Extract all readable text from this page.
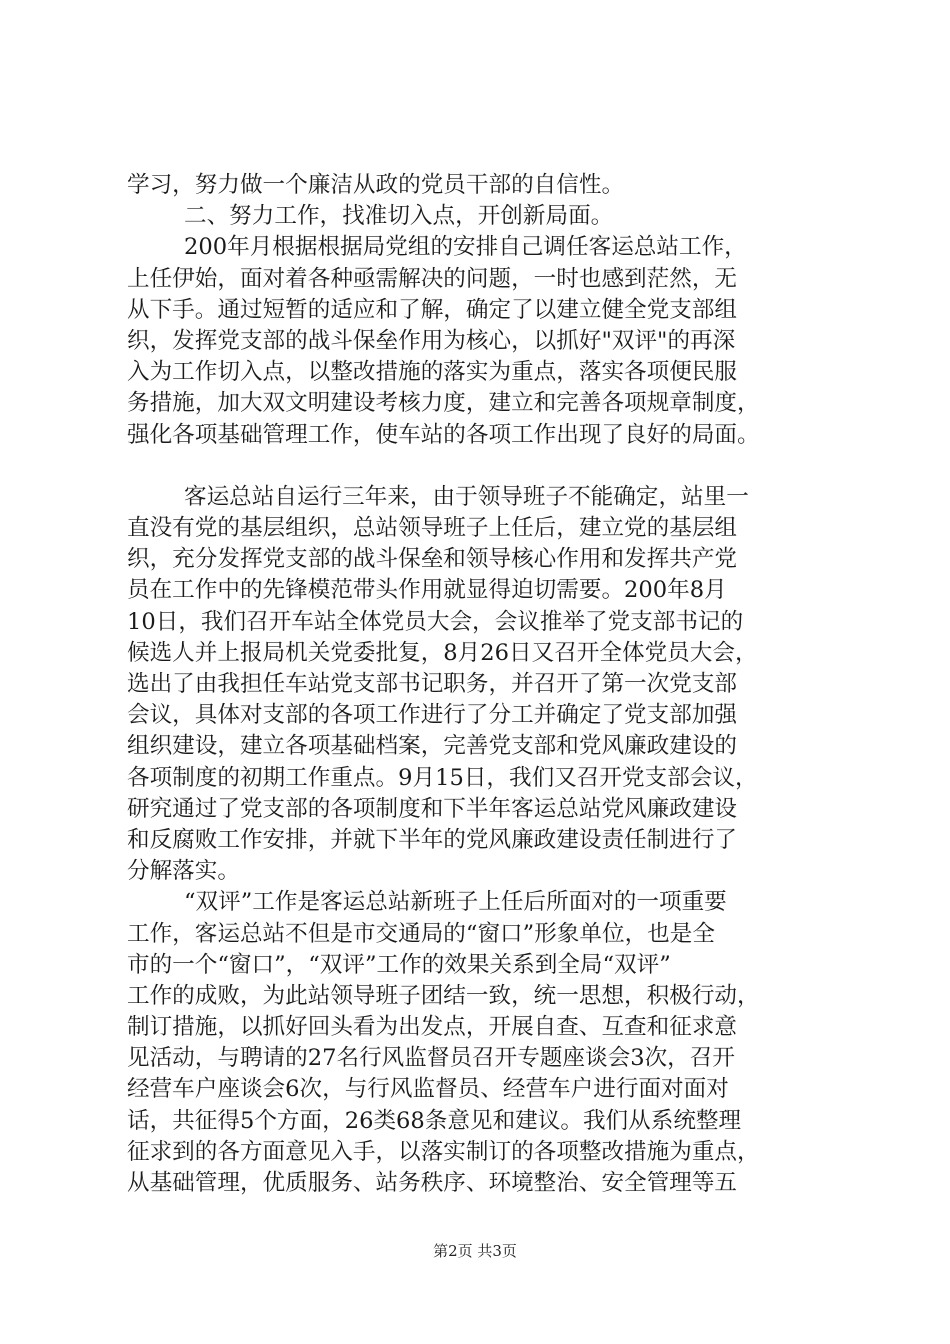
学习，努力做一个廉洁从政的党员干部的自信性。
二、努力工作，找准切入点，开创新局面。
200年月根据根据局党组的安排自己调任客运总站工作，
上任伊始，面对着各种亟需解决的问题，一时也感到茫然，无
从下手。通过短暂的适应和了解，确定了以建立健全党支部组
织，发挥党支部的战斗保垒作用为核心，以抓好"双评"的再深
入为工作切入点，以整改措施的落实为重点，落实各项便民服
务措施，加大双文明建设考核力度，建立和完善各项规章制度，
强化各项基础管理工作，使车站的各项工作出现了良好的局面。
客运总站自运行三年来，由于领导班子不能确定，站里一
直没有党的基层组织，总站领导班子上任后，建立党的基层组
织，充分发挥党支部的战斗保垒和领导核心作用和发挥共产党
员在工作中的先锋模范带头作用就显得迫切需要。200年8月
10日，我们召开车站全体党员大会，会议推举了党支部书记的
候选人并上报局机关党委批复，8月26日又召开全体党员大会，
选出了由我担任车站党支部书记职务，并召开了第一次党支部
会议，具体对支部的各项工作进行了分工并确定了党支部加强
组织建设，建立各项基础档案，完善党支部和党风廉政建设的
各项制度的初期工作重点。9月15日，我们又召开党支部会议，
研究通过了党支部的各项制度和下半年客运总站党风廉政建设
和反腐败工作安排，并就下半年的党风廉政建设责任制进行了
分解落实。
“双评”工作是客运总站新班子上任后所面对的一项重要
工作，客运总站不但是市交通局的“窗口”形象单位，也是全
市的一个“窗口”，“双评”工作的效果关系到全局“双评”
工作的成败，为此站领导班子团结一致，统一思想，积极行动，
制订措施，以抓好回头看为出发点，开展自查、互查和征求意
见活动，与聘请的27名行风监督员召开专题座谈会3次，召开
经营车户座谈会6次，与行风监督员、经营车户进行面对面对
话，共征得5个方面，26类68条意见和建议。我们从系统整理
征求到的各方面意见入手，以落实制订的各项整改措施为重点，
从基础管理，优质服务、站务秩序、环境整治、安全管理等五
第2页 共3页
